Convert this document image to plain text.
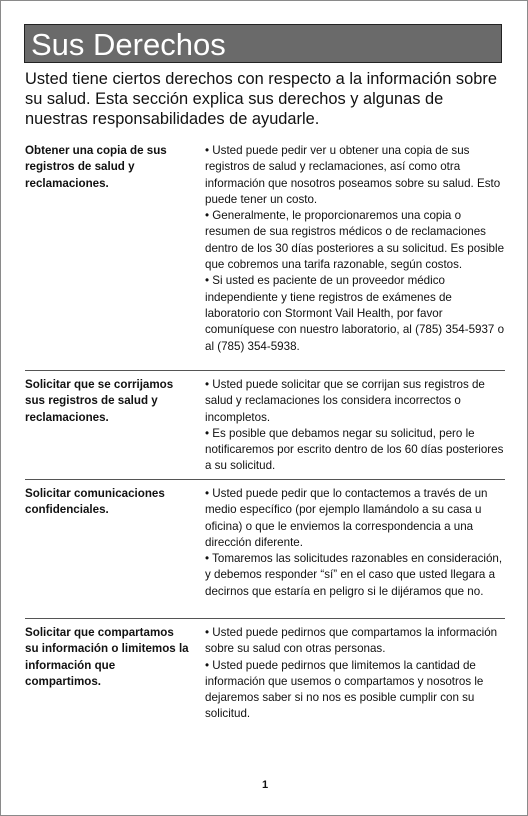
Sus Derechos
Usted tiene ciertos derechos con respecto a la información sobre su salud. Esta sección explica sus derechos y algunas de nuestras responsabilidades de ayudarle.
Obtener una copia de sus registros de salud y reclamaciones.

• Usted puede pedir ver u obtener una copia de sus registros de salud y reclamaciones, así como otra información que nosotros poseamos sobre su salud. Esto puede tener un costo.

• Generalmente, le proporcionaremos una copia o resumen de sua registros médicos o de reclamaciones dentro de los 30 días posteriores a su solicitud. Es posible que cobremos una tarifa razonable, según costos.

• Si usted es paciente de un proveedor médico independiente y tiene registros de exámenes de laboratorio con Stormont Vail Health, por favor comuníquese con nuestro laboratorio, al (785) 354-5937 o al (785) 354-5938.

Solicitar que se corrijamos sus registros de salud y reclamaciones.

• Usted puede solicitar que se corrijan sus registros de salud y reclamaciones los considera incorrectos o incompletos.

• Es posible que debamos negar su solicitud, pero le notificaremos por escrito dentro de los 60 días posteriores a su solicitud.

Solicitar comunicaciones confidenciales.

• Usted puede pedir que lo contactemos a través de un medio específico (por ejemplo llamándolo a su casa u oficina) o que le enviemos la correspondencia a una dirección diferente.

• Tomaremos las solicitudes razonables en consideración, y debemos responder “sí” en el caso que usted llegara a decirnos que estaría en peligro si le dijéramos que no.

Solicitar que compartamos su información o limitemos la información que compartimos.

• Usted puede pedirnos que compartamos la información sobre su salud con otras personas.

• Usted puede pedirnos que limitemos la cantidad de información que usemos o compartamos y nosotros le dejaremos saber si no nos es posible cumplir con su solicitud.

1
